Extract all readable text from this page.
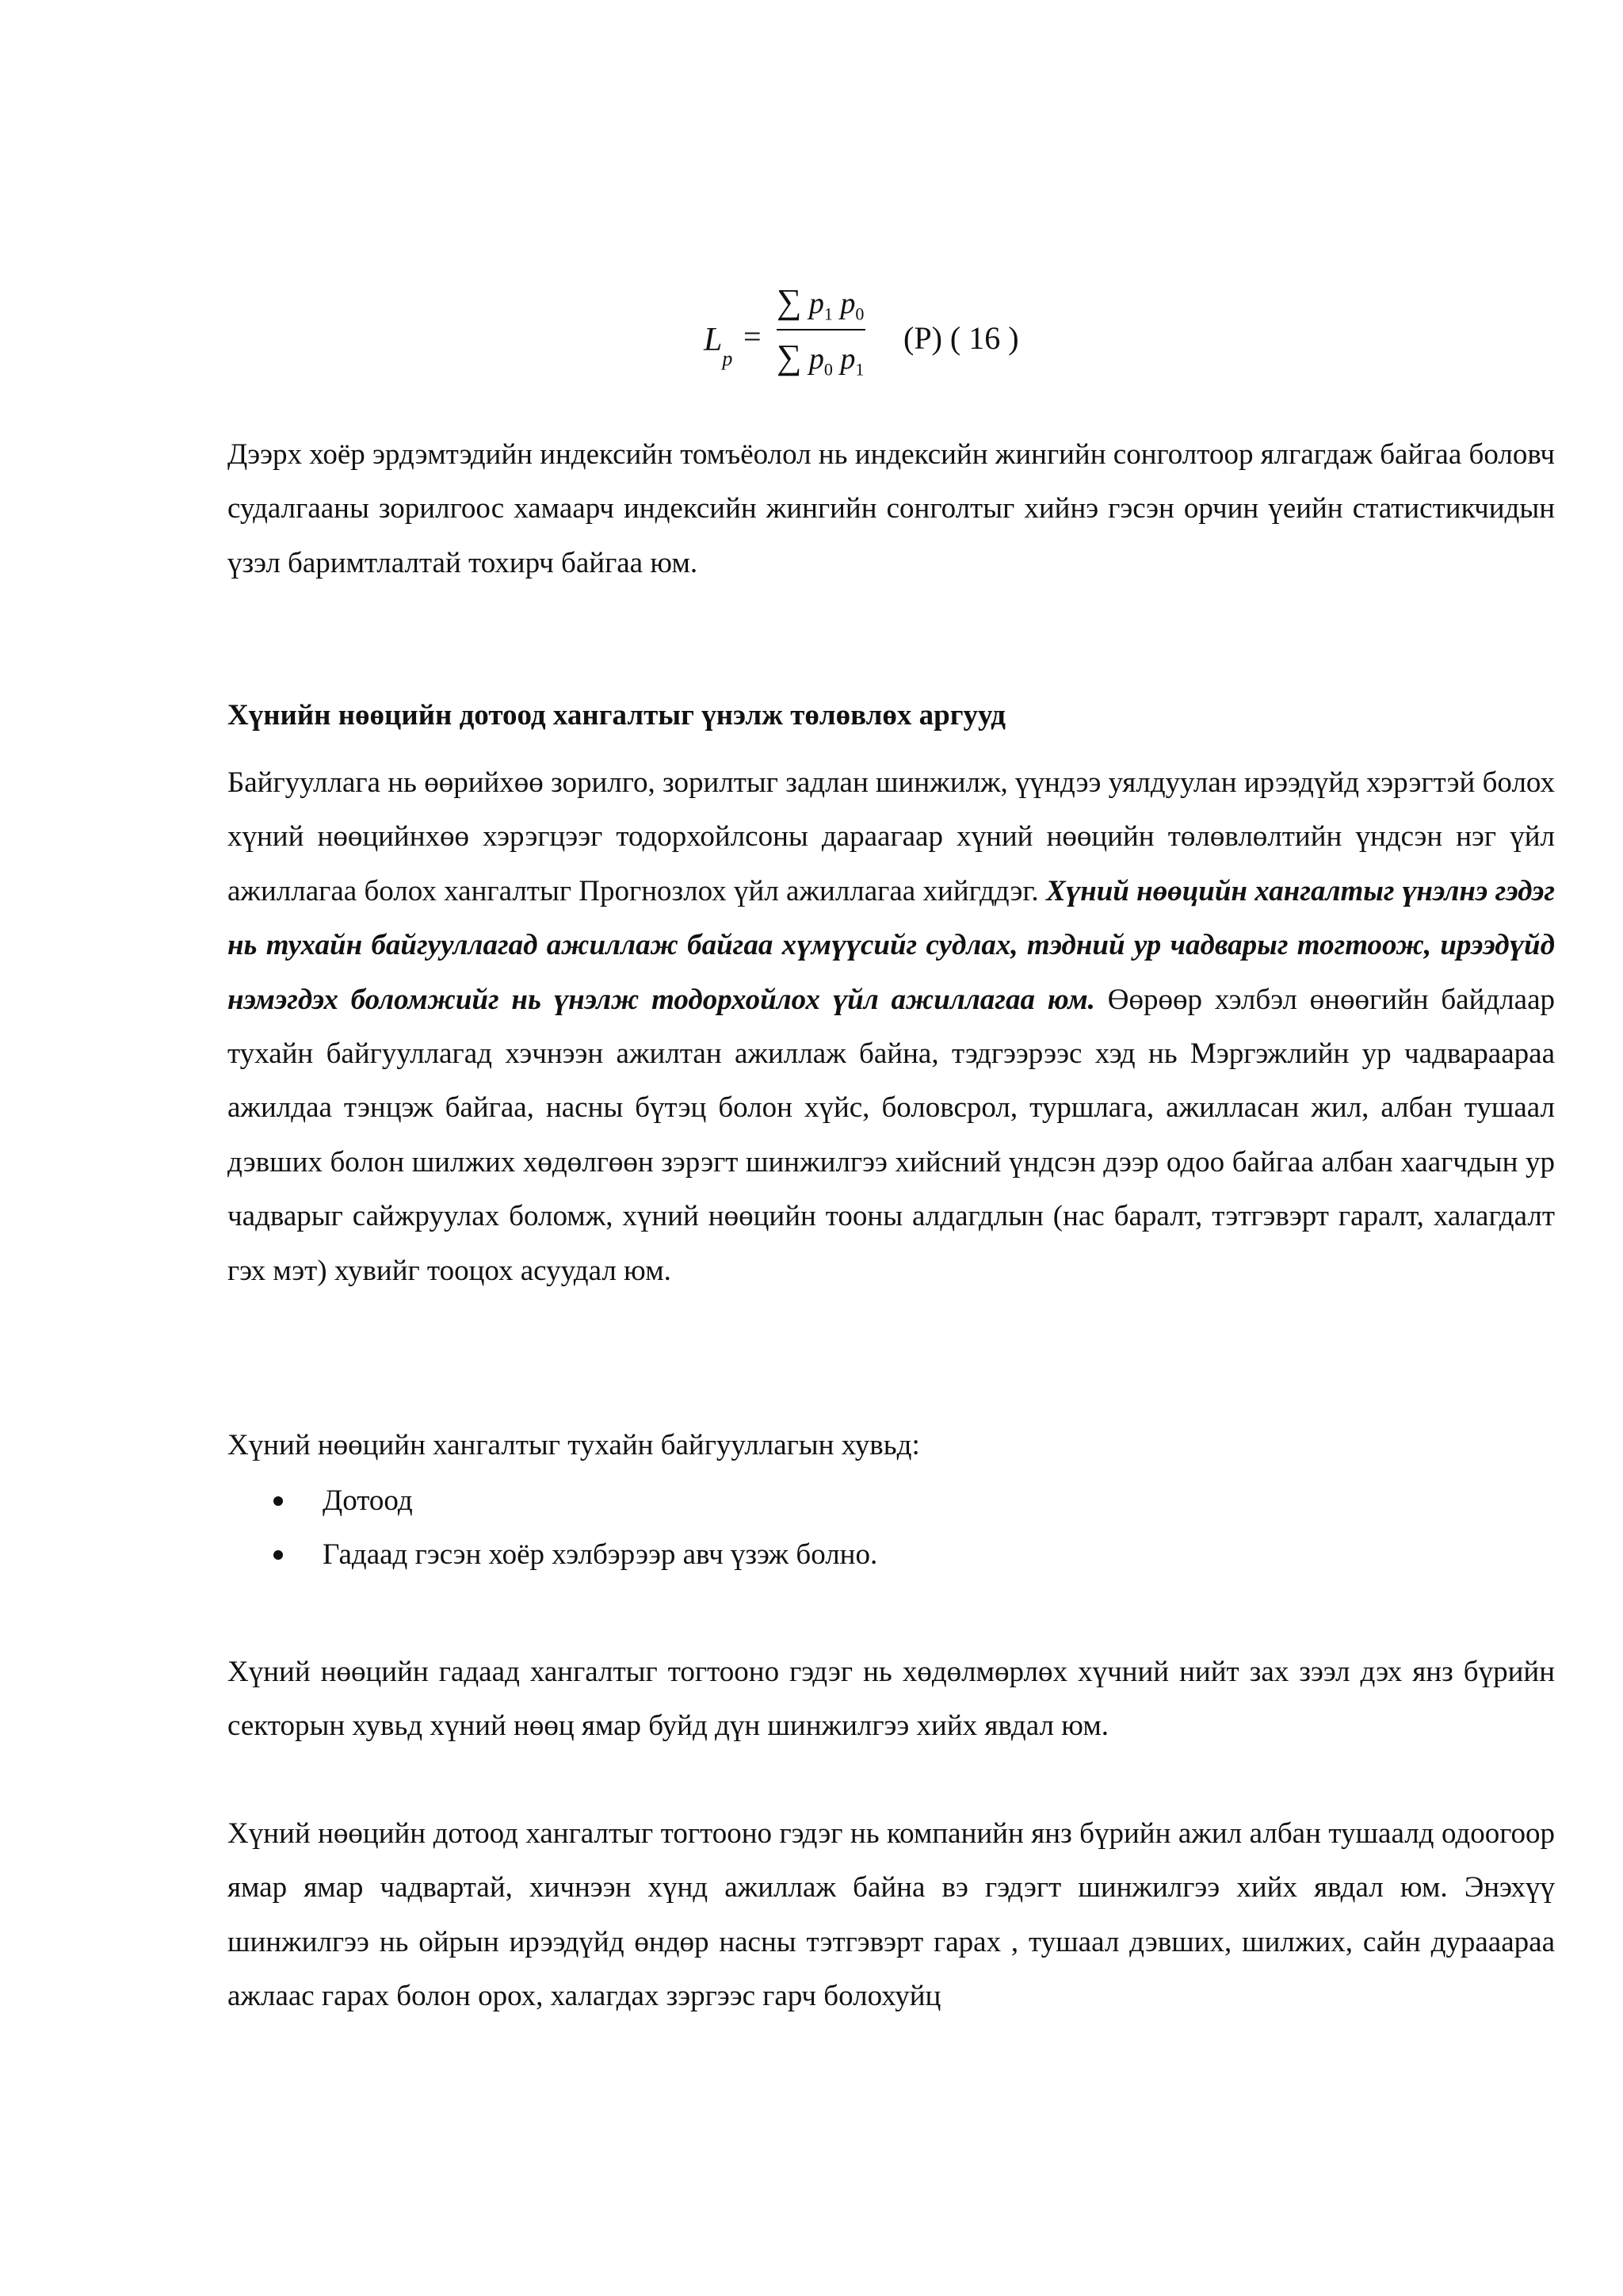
$L_p$
=
∑ $p_1$ $p_0$
∑ $p_0$ $p_1$
(P) ( 16 )

Дээрх хоёр эрдэмтэдийн индексийн томъёолол нь индексийн жингийн сонголтоор ялгагдаж байгаа боловч судалгааны зорилгоос хамаарч индексийн жингийн сонголтыг хийнэ гэсэн орчин үеийн статистикчидын үзэл баримтлалтай тохирч байгаа юм.

Хүнийн нөөцийн дотоод хангалтыг үнэлж төлөвлөх аргууд

Байгууллага нь өөрийхөө зорилго, зорилтыг задлан шинжилж, үүндээ уялдуулан ирээдүйд хэрэгтэй болох хүний нөөцийнхөө хэрэгцээг тодорхойлсоны дараагаар хүний нөөцийн төлөвлөлтийн үндсэн нэг үйл ажиллагаа болох хангалтыг Прогнозлох үйл ажиллагаа хийгддэг. Хүний нөөцийн хангалтыг үнэлнэ гэдэг нь тухайн байгууллагад ажиллаж байгаа хүмүүсийг судлах, тэдний ур чадварыг тогтоож, ирээдүйд нэмэгдэх боломжийг нь үнэлж тодорхойлох үйл ажиллагаа юм. Өөрөөр хэлбэл өнөөгийн байдлаар тухайн байгууллагад хэчнээн ажилтан ажиллаж байна, тэдгээрээс хэд нь Мэргэжлийн ур чадвараараа ажилдаа тэнцэж байгаа, насны бүтэц болон хүйс, боловсрол, туршлага, ажилласан жил, албан тушаал дэвших болон шилжих хөдөлгөөн зэрэгт шинжилгээ хийсний үндсэн дээр одоо байгаа албан хаагчдын ур чадварыг сайжруулах боломж, хүний нөөцийн тооны алдагдлын (нас баралт, тэтгэвэрт гаралт, халагдалт гэх мэт) хувийг тооцох асуудал юм.

Хүний нөөцийн хангалтыг тухайн байгууллагын хувьд:

Дотоод
Гадаад гэсэн хоёр хэлбэрээр авч үзэж болно.

Хүний нөөцийн гадаад хангалтыг тогтооно гэдэг нь хөдөлмөрлөх хүчний нийт зах зээл дэх янз бүрийн секторын хувьд хүний нөөц ямар буйд дүн шинжилгээ хийх явдал юм.

Хүний нөөцийн дотоод хангалтыг тогтооно гэдэг нь компанийн янз бүрийн ажил албан тушаалд одоогоор ямар ямар чадвартай, хичнээн хүнд ажиллаж байна вэ гэдэгт шинжилгээ хийх явдал юм. Энэхүү шинжилгээ нь ойрын ирээдүйд өндөр насны тэтгэвэрт гарах , тушаал дэвших, шилжих, сайн дурааараа ажлаас гарах болон орох, халагдах зэргээс гарч болохуйц
